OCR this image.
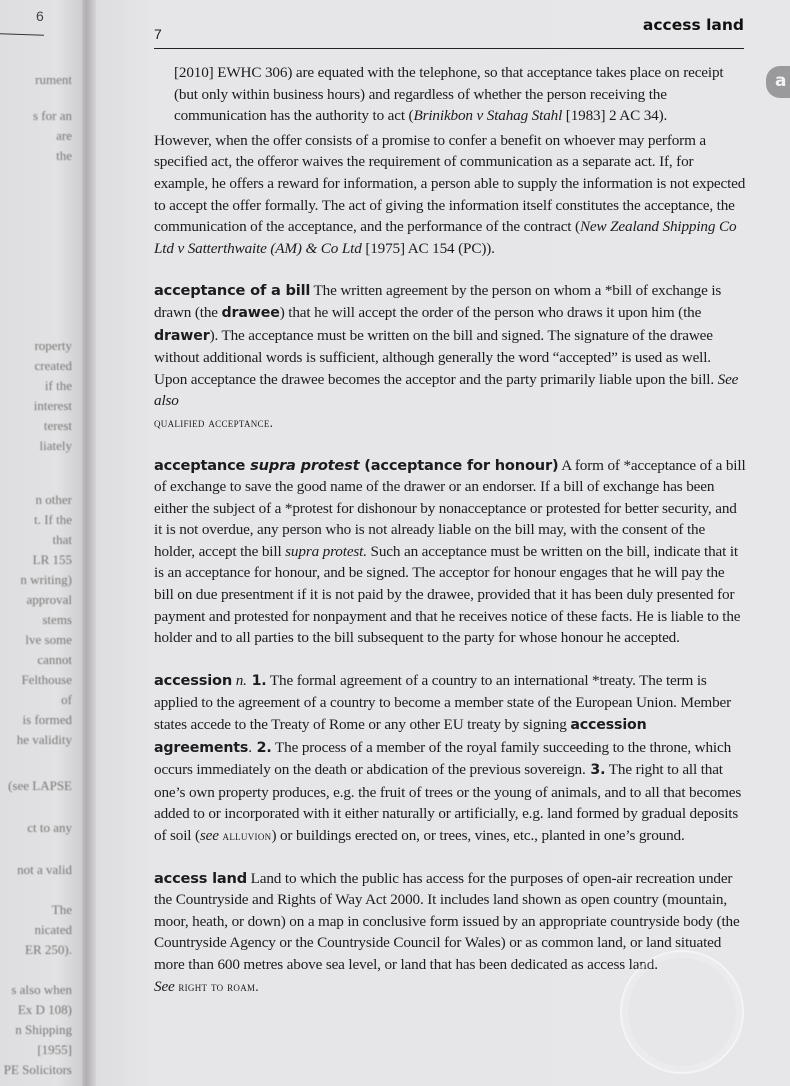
6
rument
s for an
are
the
roperty
created
if the
interest
terest
liately
n other
t. If the
that
LR 155
n writing)
approval
stems
lve some
cannot
Felthouse
of
is formed
he validity
(see LAPSE
ct to any
not a valid
The
nicated
ER 250).
s also when
Ex D 108)
n Shipping
[1955]
PE Solicitors
7	access land
a

[2010] EWHC 306) are equated with the telephone, so that acceptance takes place on receipt (but only within business hours) and regardless of whether the person receiving the communication has the authority to act (Brinikbon v Stahag Stahl [1983] 2 AC 34).

However, when the offer consists of a promise to confer a benefit on whoever may perform a specified act, the offeror waives the requirement of communication as a separate act. If, for example, he offers a reward for information, a person able to supply the information is not expected to accept the offer formally. The act of giving the information itself constitutes the acceptance, the communication of the acceptance, and the performance of the contract (New Zealand Shipping Co Ltd v Satterthwaite (AM) & Co Ltd [1975] AC 154 (PC)).

acceptance of a bill The written agreement by the person on whom a *bill of exchange is drawn (the drawee) that he will accept the order of the person who draws it upon him (the drawer). The acceptance must be written on the bill and signed. The signature of the drawee without additional words is sufficient, although generally the word “accepted” is used as well. Upon acceptance the drawee becomes the acceptor and the party primarily liable upon the bill. See also
qualified acceptance.

acceptance supra protest (acceptance for honour) A form of *acceptance of a bill of exchange to save the good name of the drawer or an endorser. If a bill of exchange has been either the subject of a *protest for dishonour by nonacceptance or protested for better security, and it is not overdue, any person who is not already liable on the bill may, with the consent of the holder, accept the bill supra protest. Such an acceptance must be written on the bill, indicate that it is an acceptance for honour, and be signed. The acceptor for honour engages that he will pay the bill on due presentment if it is not paid by the drawee, provided that it has been duly presented for payment and protested for nonpayment and that he receives notice of these facts. He is liable to the holder and to all parties to the bill subsequent to the party for whose honour he accepted.

accession n. 1. The formal agreement of a country to an international *treaty. The term is applied to the agreement of a country to become a member state of the European Union. Member states accede to the Treaty of Rome or any other EU treaty by signing accession agreements. 2. The process of a member of the royal family succeeding to the throne, which occurs immediately on the death or abdication of the previous sovereign. 3. The right to all that one’s own property produces, e.g. the fruit of trees or the young of animals, and to all that becomes added to or incorporated with it either naturally or artificially, e.g. land formed by gradual deposits of soil (see alluvion) or buildings erected on, or trees, vines, etc., planted in one’s ground.

access land Land to which the public has access for the purposes of open-air recreation under the Countryside and Rights of Way Act 2000. It includes land shown as open country (mountain, moor, heath, or down) on a map in conclusive form issued by an appropriate countryside body (the Countryside Agency or the Countryside Council for Wales) or as common land, or land situated more than 600 metres above sea level, or land that has been dedicated as access land.
See right to roam.
